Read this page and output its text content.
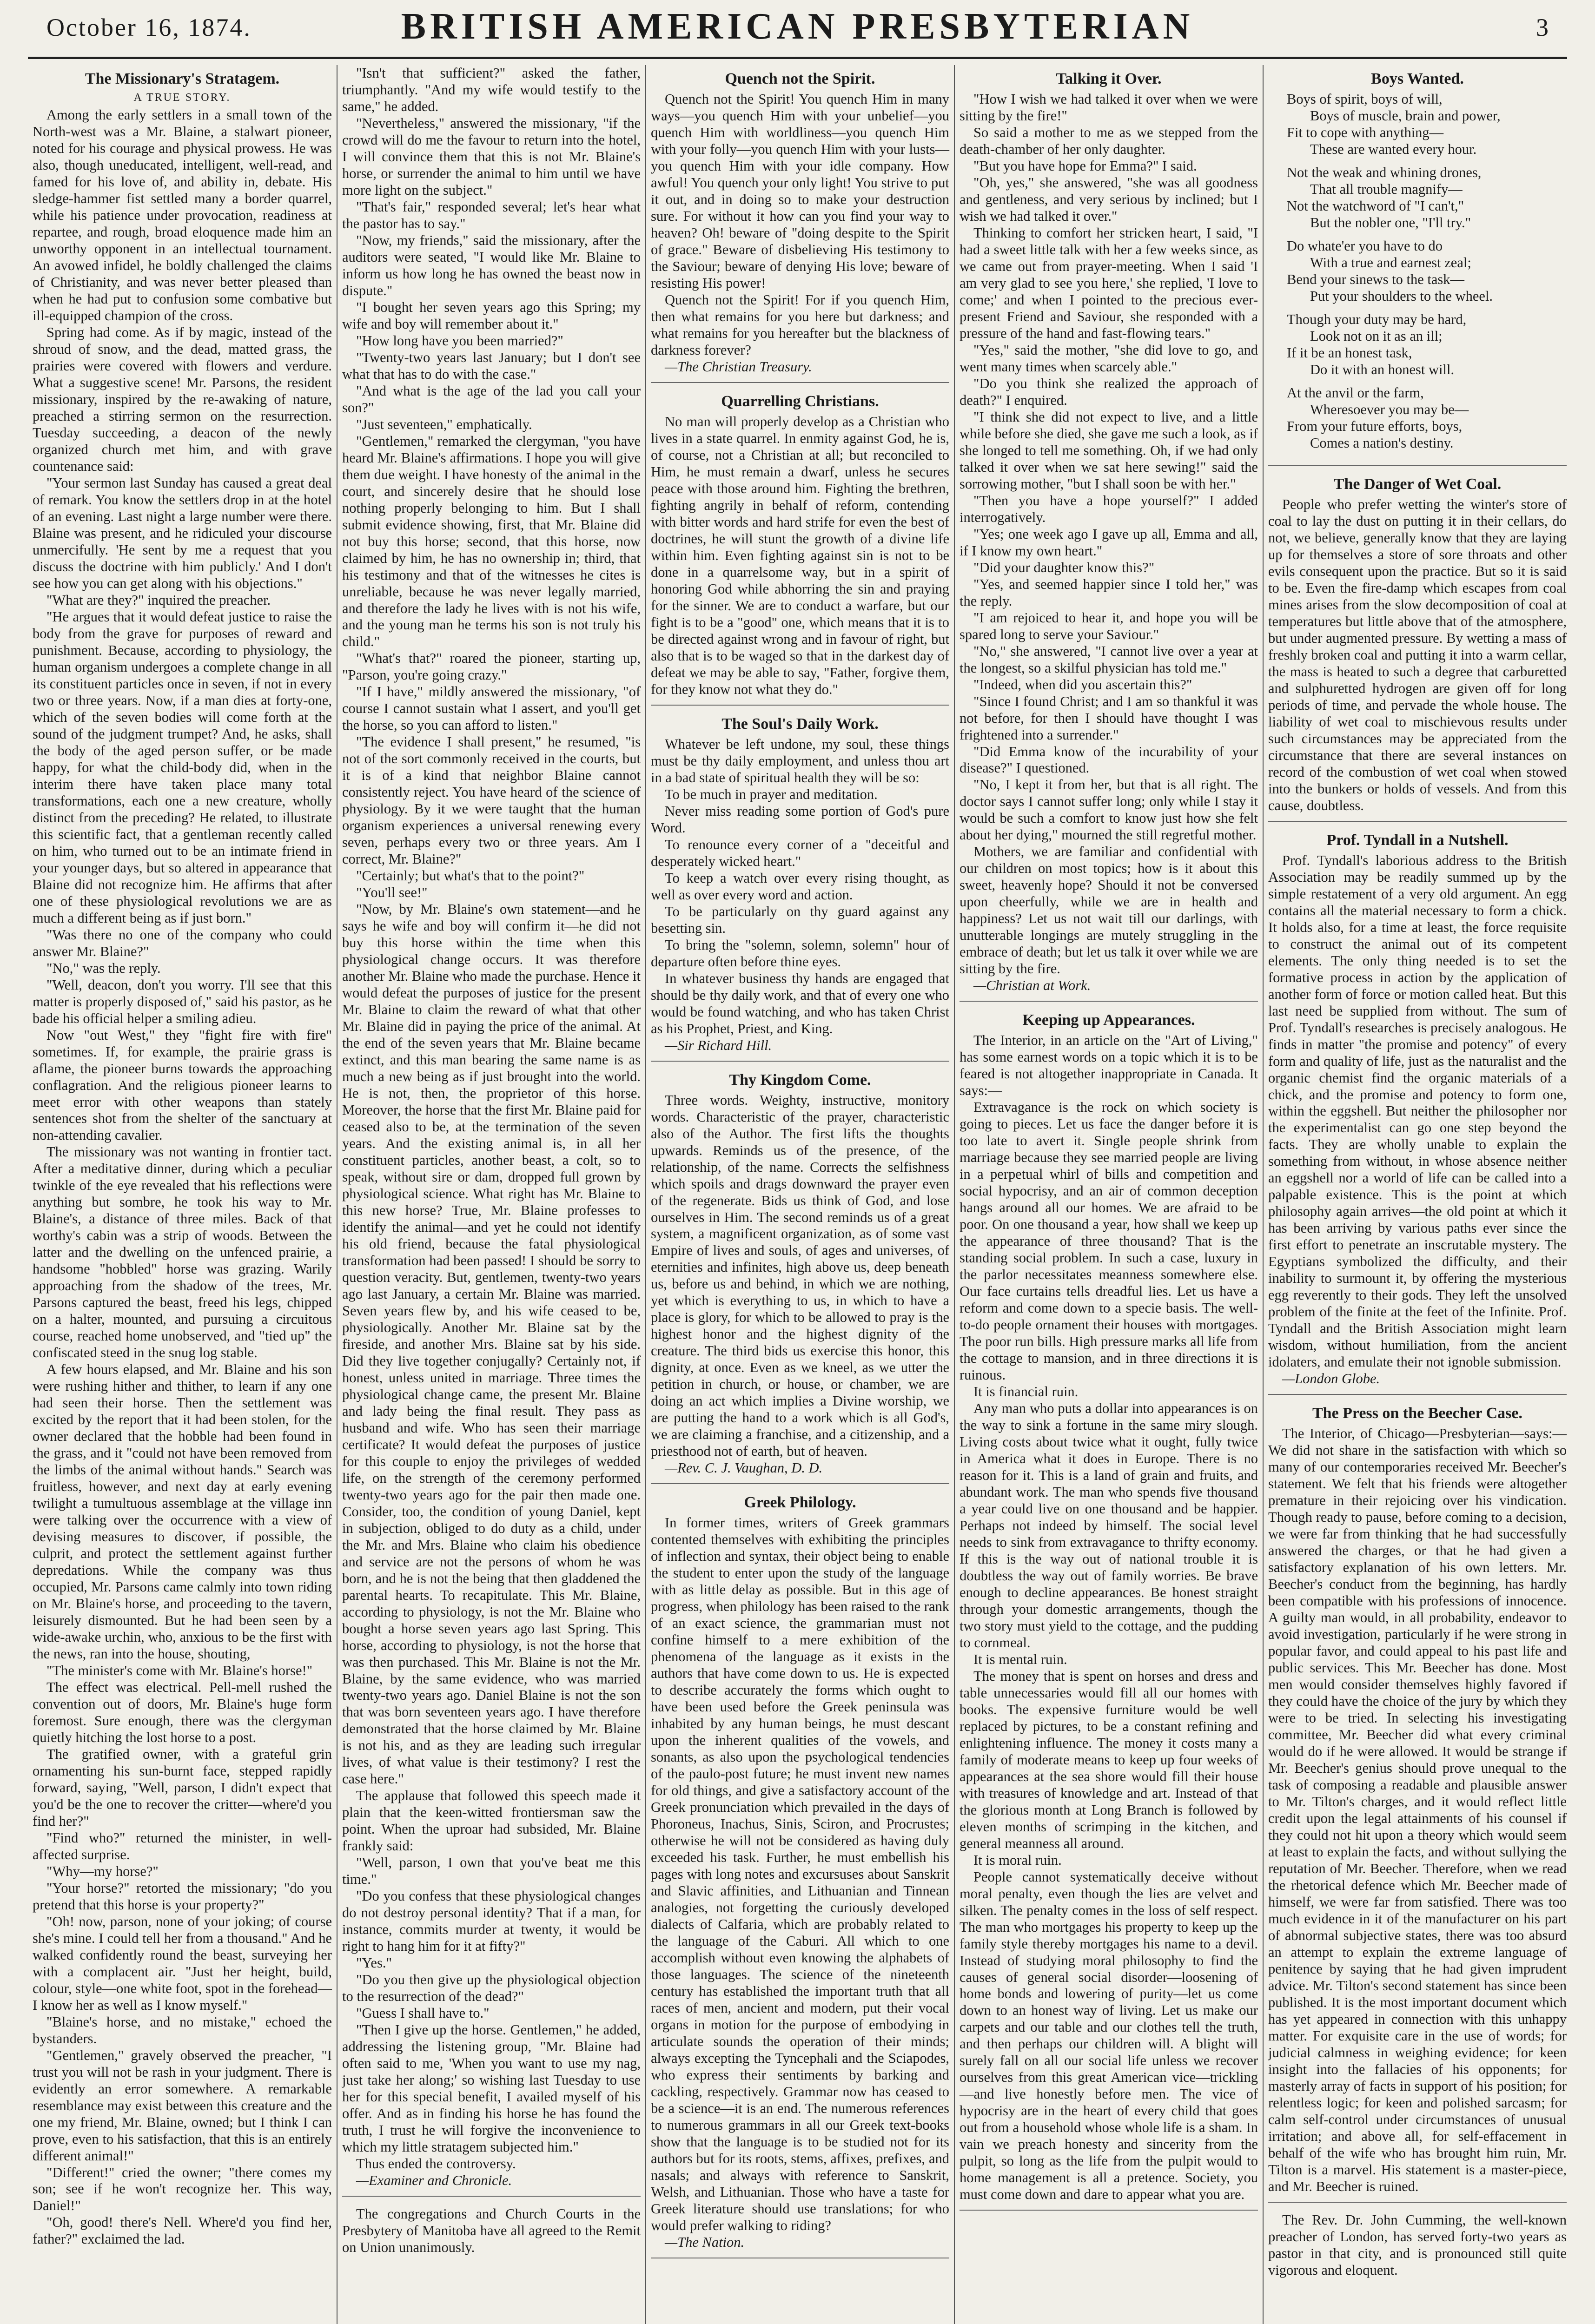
October 16, 1874.	BRITISH AMERICAN PRESBYTERIAN	3
The Missionary's Stratagem.
A TRUE STORY.

Among the early settlers in a small town of the North-west was a Mr. Blaine, a stalwart pioneer, noted for his courage and physical prowess. He was also, though uneducated, intelligent, well-read, and famed for his love of, and ability in, debate. His sledge-hammer fist settled many a border quarrel, while his patience under provocation, readiness at repartee, and rough, broad eloquence made him an unworthy opponent in an intellectual tournament. An avowed infidel, he boldly challenged the claims of Christianity, and was never better pleased than when he had put to confusion some combative but ill-equipped champion of the cross.

Spring had come. As if by magic, instead of the shroud of snow, and the dead, matted grass, the prairies were covered with flowers and verdure. What a suggestive scene! Mr. Parsons, the resident missionary, inspired by the re-awaking of nature, preached a stirring sermon on the resurrection. Tuesday succeeding, a deacon of the newly organized church met him, and with grave countenance said:

"Your sermon last Sunday has caused a great deal of remark. You know the settlers drop in at the hotel of an evening. Last night a large number were there. Blaine was present, and he ridiculed your discourse unmercifully. 'He sent by me a request that you discuss the doctrine with him publicly.' And I don't see how you can get along with his objections."

"What are they?" inquired the preacher.

"He argues that it would defeat justice to raise the body from the grave for purposes of reward and punishment. Because, according to physiology, the human organism undergoes a complete change in all its constituent particles once in seven, if not in every two or three years. Now, if a man dies at forty-one, which of the seven bodies will come forth at the sound of the judgment trumpet? And, he asks, shall the body of the aged person suffer, or be made happy, for what the child-body did, when in the interim there have taken place many total transformations, each one a new creature, wholly distinct from the preceding? He related, to illustrate this scientific fact, that a gentleman recently called on him, who turned out to be an intimate friend in your younger days, but so altered in appearance that Blaine did not recognize him. He affirms that after one of these physiological revolutions we are as much a different being as if just born."

"Was there no one of the company who could answer Mr. Blaine?"

"No," was the reply.

"Well, deacon, don't you worry. I'll see that this matter is properly disposed of," said his pastor, as he bade his official helper a smiling adieu.

Now "out West," they "fight fire with fire" sometimes. If, for example, the prairie grass is aflame, the pioneer burns towards the approaching conflagration. And the religious pioneer learns to meet error with other weapons than stately sentences shot from the shelter of the sanctuary at non-attending cavalier.

The missionary was not wanting in frontier tact. After a meditative dinner, during which a peculiar twinkle of the eye revealed that his reflections were anything but sombre, he took his way to Mr. Blaine's, a distance of three miles. Back of that worthy's cabin was a strip of woods. Between the latter and the dwelling on the unfenced prairie, a handsome "hobbled" horse was grazing. Warily approaching from the shadow of the trees, Mr. Parsons captured the beast, freed his legs, chipped on a halter, mounted, and pursuing a circuitous course, reached home unobserved, and "tied up" the confiscated steed in the snug log stable.

A few hours elapsed, and Mr. Blaine and his son were rushing hither and thither, to learn if any one had seen their horse. Then the settlement was excited by the report that it had been stolen, for the owner declared that the hobble had been found in the grass, and it "could not have been removed from the limbs of the animal without hands." Search was fruitless, however, and next day at early evening twilight a tumultuous assemblage at the village inn were talking over the occurrence with a view of devising measures to discover, if possible, the culprit, and protect the settlement against further depredations. While the company was thus occupied, Mr. Parsons came calmly into town riding on Mr. Blaine's horse, and proceeding to the tavern, leisurely dismounted. But he had been seen by a wide-awake urchin, who, anxious to be the first with the news, ran into the house, shouting,

"The minister's come with Mr. Blaine's horse!"

The effect was electrical. Pell-mell rushed the convention out of doors, Mr. Blaine's huge form foremost. Sure enough, there was the clergyman quietly hitching the lost horse to a post.

The gratified owner, with a grateful grin ornamenting his sun-burnt face, stepped rapidly forward, saying, "Well, parson, I didn't expect that you'd be the one to recover the critter—where'd you find her?"

"Find who?" returned the minister, in well-affected surprise.

"Why—my horse?"

"Your horse?" retorted the missionary; "do you pretend that this horse is your property?"

"Oh! now, parson, none of your joking; of course she's mine. I could tell her from a thousand." And he walked confidently round the beast, surveying her with a complacent air. "Just her height, build, colour, style—one white foot, spot in the forehead—I know her as well as I know myself."

"Blaine's horse, and no mistake," echoed the bystanders.

"Gentlemen," gravely observed the preacher, "I trust you will not be rash in your judgment. There is evidently an error somewhere. A remarkable resemblance may exist between this creature and the one my friend, Mr. Blaine, owned; but I think I can prove, even to his satisfaction, that this is an entirely different animal!"

"Different!" cried the owner; "there comes my son; see if he won't recognize her. This way, Daniel!"

"Oh, good! there's Nell. Where'd you find her, father?" exclaimed the lad.

"Isn't that sufficient?" asked the father, triumphantly. "And my wife would testify to the same," he added.

"Nevertheless," answered the missionary, "if the crowd will do me the favour to return into the hotel, I will convince them that this is not Mr. Blaine's horse, or surrender the animal to him until we have more light on the subject."

"That's fair," responded several; let's hear what the pastor has to say."

"Now, my friends," said the missionary, after the auditors were seated, "I would like Mr. Blaine to inform us how long he has owned the beast now in dispute."

"I bought her seven years ago this Spring; my wife and boy will remember about it."

"How long have you been married?"

"Twenty-two years last January; but I don't see what that has to do with the case."

"And what is the age of the lad you call your son?"

"Just seventeen," emphatically.

"Gentlemen," remarked the clergyman, "you have heard Mr. Blaine's affirmations. I hope you will give them due weight. I have honesty of the animal in the court, and sincerely desire that he should lose nothing properly belonging to him. But I shall submit evidence showing, first, that Mr. Blaine did not buy this horse; second, that this horse, now claimed by him, he has no ownership in; third, that his testimony and that of the witnesses he cites is unreliable, because he was never legally married, and therefore the lady he lives with is not his wife, and the young man he terms his son is not truly his child."

"What's that?" roared the pioneer, starting up, "Parson, you're going crazy."

"If I have," mildly answered the missionary, "of course I cannot sustain what I assert, and you'll get the horse, so you can afford to listen."

"The evidence I shall present," he resumed, "is not of the sort commonly received in the courts, but it is of a kind that neighbor Blaine cannot consistently reject. You have heard of the science of physiology. By it we were taught that the human organism experiences a universal renewing every seven, perhaps every two or three years. Am I correct, Mr. Blaine?"

"Certainly; but what's that to the point?"

"You'll see!"

"Now, by Mr. Blaine's own statement—and he says he wife and boy will confirm it—he did not buy this horse within the time when this physiological change occurs. It was therefore another Mr. Blaine who made the purchase. Hence it would defeat the purposes of justice for the present Mr. Blaine to claim the reward of what that other Mr. Blaine did in paying the price of the animal. At the end of the seven years that Mr. Blaine became extinct, and this man bearing the same name is as much a new being as if just brought into the world. He is not, then, the proprietor of this horse. Moreover, the horse that the first Mr. Blaine paid for ceased also to be, at the termination of the seven years. And the existing animal is, in all her constituent particles, another beast, a colt, so to speak, without sire or dam, dropped full grown by physiological science. What right has Mr. Blaine to this new horse? True, Mr. Blaine professes to identify the animal—and yet he could not identify his old friend, because the fatal physiological transformation had been passed! I should be sorry to question veracity. But, gentlemen, twenty-two years ago last January, a certain Mr. Blaine was married. Seven years flew by, and his wife ceased to be, physiologically. Another Mr. Blaine sat by the fireside, and another Mrs. Blaine sat by his side. Did they live together conjugally? Certainly not, if honest, unless united in marriage. Three times the physiological change came, the present Mr. Blaine and lady being the final result. They pass as husband and wife. Who has seen their marriage certificate? It would defeat the purposes of justice for this couple to enjoy the privileges of wedded life, on the strength of the ceremony performed twenty-two years ago for the pair then made one. Consider, too, the condition of young Daniel, kept in subjection, obliged to do duty as a child, under the Mr. and Mrs. Blaine who claim his obedience and service are not the persons of whom he was born, and he is not the being that then gladdened the parental hearts. To recapitulate. This Mr. Blaine, according to physiology, is not the Mr. Blaine who bought a horse seven years ago last Spring. This horse, according to physiology, is not the horse that was then purchased. This Mr. Blaine is not the Mr. Blaine, by the same evidence, who was married twenty-two years ago. Daniel Blaine is not the son that was born seventeen years ago. I have therefore demonstrated that the horse claimed by Mr. Blaine is not his, and as they are leading such irregular lives, of what value is their testimony? I rest the case here."

The applause that followed this speech made it plain that the keen-witted frontiersman saw the point. When the uproar had subsided, Mr. Blaine frankly said:

"Well, parson, I own that you've beat me this time."

"Do you confess that these physiological changes do not destroy personal identity? That if a man, for instance, commits murder at twenty, it would be right to hang him for it at fifty?"

"Yes."

"Do you then give up the physiological objection to the resurrection of the dead?"

"Guess I shall have to."

"Then I give up the horse. Gentlemen," he added, addressing the listening group, "Mr. Blaine had often said to me, 'When you want to use my nag, just take her along;' so wishing last Tuesday to use her for this special benefit, I availed myself of his offer. And as in finding his horse he has found the truth, I trust he will forgive the inconvenience to which my little stratagem subjected him."

Thus ended the controversy.

—Examiner and Chronicle.

The congregations and Church Courts in the Presbytery of Manitoba have all agreed to the Remit on Union unanimously.

Quench not the Spirit.

Quench not the Spirit! You quench Him in many ways—you quench Him with your unbelief—you quench Him with worldliness—you quench Him with your folly—you quench Him with your lusts—you quench Him with your idle company. How awful! You quench your only light! You strive to put it out, and in doing so to make your destruction sure. For without it how can you find your way to heaven? Oh! beware of "doing despite to the Spirit of grace." Beware of disbelieving His testimony to the Saviour; beware of denying His love; beware of resisting His power!

Quench not the Spirit! For if you quench Him, then what remains for you here but darkness; and what remains for you hereafter but the blackness of darkness forever?

—The Christian Treasury.

Quarrelling Christians.

No man will properly develop as a Christian who lives in a state quarrel. In enmity against God, he is, of course, not a Christian at all; but reconciled to Him, he must remain a dwarf, unless he secures peace with those around him. Fighting the brethren, fighting angrily in behalf of reform, contending with bitter words and hard strife for even the best of doctrines, he will stunt the growth of a divine life within him. Even fighting against sin is not to be done in a quarrelsome way, but in a spirit of honoring God while abhorring the sin and praying for the sinner. We are to conduct a warfare, but our fight is to be a "good" one, which means that it is to be directed against wrong and in favour of right, but also that is to be waged so that in the darkest day of defeat we may be able to say, "Father, forgive them, for they know not what they do."

The Soul's Daily Work.

Whatever be left undone, my soul, these things must be thy daily employment, and unless thou art in a bad state of spiritual health they will be so:

To be much in prayer and meditation.

Never miss reading some portion of God's pure Word.

To renounce every corner of a "deceitful and desperately wicked heart."

To keep a watch over every rising thought, as well as over every word and action.

To be particularly on thy guard against any besetting sin.

To bring the "solemn, solemn, solemn" hour of departure often before thine eyes.

In whatever business thy hands are engaged that should be thy daily work, and that of every one who would be found watching, and who has taken Christ as his Prophet, Priest, and King.

—Sir Richard Hill.

Thy Kingdom Come.

Three words. Weighty, instructive, monitory words. Characteristic of the prayer, characteristic also of the Author. The first lifts the thoughts upwards. Reminds us of the presence, of the relationship, of the name. Corrects the selfishness which spoils and drags downward the prayer even of the regenerate. Bids us think of God, and lose ourselves in Him. The second reminds us of a great system, a magnificent organization, as of some vast Empire of lives and souls, of ages and universes, of eternities and infinites, high above us, deep beneath us, before us and behind, in which we are nothing, yet which is everything to us, in which to have a place is glory, for which to be allowed to pray is the highest honor and the highest dignity of the creature. The third bids us exercise this honor, this dignity, at once. Even as we kneel, as we utter the petition in church, or house, or chamber, we are doing an act which implies a Divine worship, we are putting the hand to a work which is all God's, we are claiming a franchise, and a citizenship, and a priesthood not of earth, but of heaven.

—Rev. C. J. Vaughan, D. D.

Greek Philology.

In former times, writers of Greek grammars contented themselves with exhibiting the principles of inflection and syntax, their object being to enable the student to enter upon the study of the language with as little delay as possible. But in this age of progress, when philology has been raised to the rank of an exact science, the grammarian must not confine himself to a mere exhibition of the phenomena of the language as it exists in the authors that have come down to us. He is expected to describe accurately the forms which ought to have been used before the Greek peninsula was inhabited by any human beings, he must descant upon the inherent qualities of the vowels, and sonants, as also upon the psychological tendencies of the paulo-post future; he must invent new names for old things, and give a satisfactory account of the Greek pronunciation which prevailed in the days of Phoroneus, Inachus, Sinis, Sciron, and Procrustes; otherwise he will not be considered as having duly exceeded his task. Further, he must embellish his pages with long notes and excursuses about Sanskrit and Slavic affinities, and Lithuanian and Tinnean analogies, not forgetting the curiously developed dialects of Calfaria, which are probably related to the language of the Caburi. All which to one accomplish without even knowing the alphabets of those languages. The science of the nineteenth century has established the important truth that all races of men, ancient and modern, put their vocal organs in motion for the purpose of embodying in articulate sounds the operation of their minds; always excepting the Tyncephali and the Sciapodes, who express their sentiments by barking and cackling, respectively. Grammar now has ceased to be a science—it is an end. The numerous references to numerous grammars in all our Greek text-books show that the language is to be studied not for its authors but for its roots, stems, affixes, prefixes, and nasals; and always with reference to Sanskrit, Welsh, and Lithuanian. Those who have a taste for Greek literature should use translations; for who would prefer walking to riding?

—The Nation.

Talking it Over.

"How I wish we had talked it over when we were sitting by the fire!"

So said a mother to me as we stepped from the death-chamber of her only daughter.

"But you have hope for Emma?" I said.

"Oh, yes," she answered, "she was all goodness and gentleness, and very serious by inclined; but I wish we had talked it over."

Thinking to comfort her stricken heart, I said, "I had a sweet little talk with her a few weeks since, as we came out from prayer-meeting. When I said 'I am very glad to see you here,' she replied, 'I love to come;' and when I pointed to the precious ever-present Friend and Saviour, she responded with a pressure of the hand and fast-flowing tears."

"Yes," said the mother, "she did love to go, and went many times when scarcely able."

"Do you think she realized the approach of death?" I enquired.

"I think she did not expect to live, and a little while before she died, she gave me such a look, as if she longed to tell me something. Oh, if we had only talked it over when we sat here sewing!" said the sorrowing mother, "but I shall soon be with her."

"Then you have a hope yourself?" I added interrogatively.

"Yes; one week ago I gave up all, Emma and all, if I know my own heart."

"Did your daughter know this?"

"Yes, and seemed happier since I told her," was the reply.

"I am rejoiced to hear it, and hope you will be spared long to serve your Saviour."

"No," she answered, "I cannot live over a year at the longest, so a skilful physician has told me."

"Indeed, when did you ascertain this?"

"Since I found Christ; and I am so thankful it was not before, for then I should have thought I was frightened into a surrender."

"Did Emma know of the incurability of your disease?" I questioned.

"No, I kept it from her, but that is all right. The doctor says I cannot suffer long; only while I stay it would be such a comfort to know just how she felt about her dying," mourned the still regretful mother.

Mothers, we are familiar and confidential with our children on most topics; how is it about this sweet, heavenly hope? Should it not be conversed upon cheerfully, while we are in health and happiness? Let us not wait till our darlings, with unutterable longings are mutely struggling in the embrace of death; but let us talk it over while we are sitting by the fire.

—Christian at Work.

Keeping up Appearances.

The Interior, in an article on the "Art of Living," has some earnest words on a topic which it is to be feared is not altogether inappropriate in Canada. It says:—

Extravagance is the rock on which society is going to pieces. Let us face the danger before it is too late to avert it. Single people shrink from marriage because they see married people are living in a perpetual whirl of bills and competition and social hypocrisy, and an air of common deception hangs around all our homes. We are afraid to be poor. On one thousand a year, how shall we keep up the appearance of three thousand? That is the standing social problem. In such a case, luxury in the parlor necessitates meanness somewhere else. Our face curtains tells dreadful lies. Let us have a reform and come down to a specie basis. The well-to-do people ornament their houses with mortgages. The poor run bills. High pressure marks all life from the cottage to mansion, and in three directions it is ruinous.

It is financial ruin.

Any man who puts a dollar into appearances is on the way to sink a fortune in the same miry slough. Living costs about twice what it ought, fully twice in America what it does in Europe. There is no reason for it. This is a land of grain and fruits, and abundant work. The man who spends five thousand a year could live on one thousand and be happier. Perhaps not indeed by himself. The social level needs to sink from extravagance to thrifty economy. If this is the way out of national trouble it is doubtless the way out of family worries. Be brave enough to decline appearances. Be honest straight through your domestic arrangements, though the two story must yield to the cottage, and the pudding to cornmeal.

It is mental ruin.

The money that is spent on horses and dress and table unnecessaries would fill all our homes with books. The expensive furniture would be well replaced by pictures, to be a constant refining and enlightening influence. The money it costs many a family of moderate means to keep up four weeks of appearances at the sea shore would fill their house with treasures of knowledge and art. Instead of that the glorious month at Long Branch is followed by eleven months of scrimping in the kitchen, and general meanness all around.

It is moral ruin.

People cannot systematically deceive without moral penalty, even though the lies are velvet and silken. The penalty comes in the loss of self respect. The man who mortgages his property to keep up the family style thereby mortgages his name to a devil. Instead of studying moral philosophy to find the causes of general social disorder—loosening of home bonds and lowering of purity—let us come down to an honest way of living. Let us make our carpets and our table and our clothes tell the truth, and then perhaps our children will. A blight will surely fall on all our social life unless we recover ourselves from this great American vice—trickling—and live honestly before men. The vice of hypocrisy are in the heart of every child that goes out from a household whose whole life is a sham. In vain we preach honesty and sincerity from the pulpit, so long as the life from the pulpit would to home management is all a pretence. Society, you must come down and dare to appear what you are.

Boys Wanted.

Boys of spirit, boys of will,

Boys of muscle, brain and power,

Fit to cope with anything—

These are wanted every hour.

Not the weak and whining drones,

That all trouble magnify—

Not the watchword of "I can't,"

But the nobler one, "I'll try."

Do whate'er you have to do

With a true and earnest zeal;

Bend your sinews to the task—

Put your shoulders to the wheel.

Though your duty may be hard,

Look not on it as an ill;

If it be an honest task,

Do it with an honest will.

At the anvil or the farm,

Wheresoever you may be—

From your future efforts, boys,

Comes a nation's destiny.

The Danger of Wet Coal.

People who prefer wetting the winter's store of coal to lay the dust on putting it in their cellars, do not, we believe, generally know that they are laying up for themselves a store of sore throats and other evils consequent upon the practice. But so it is said to be. Even the fire-damp which escapes from coal mines arises from the slow decomposition of coal at temperatures but little above that of the atmosphere, but under augmented pressure. By wetting a mass of freshly broken coal and putting it into a warm cellar, the mass is heated to such a degree that carburetted and sulphuretted hydrogen are given off for long periods of time, and pervade the whole house. The liability of wet coal to mischievous results under such circumstances may be appreciated from the circumstance that there are several instances on record of the combustion of wet coal when stowed into the bunkers or holds of vessels. And from this cause, doubtless.

Prof. Tyndall in a Nutshell.

Prof. Tyndall's laborious address to the British Association may be readily summed up by the simple restatement of a very old argument. An egg contains all the material necessary to form a chick. It holds also, for a time at least, the force requisite to construct the animal out of its competent elements. The only thing needed is to set the formative process in action by the application of another form of force or motion called heat. But this last need be supplied from without. The sum of Prof. Tyndall's researches is precisely analogous. He finds in matter "the promise and potency" of every form and quality of life, just as the naturalist and the organic chemist find the organic materials of a chick, and the promise and potency to form one, within the eggshell. But neither the philosopher nor the experimentalist can go one step beyond the facts. They are wholly unable to explain the something from without, in whose absence neither an eggshell nor a world of life can be called into a palpable existence. This is the point at which philosophy again arrives—the old point at which it has been arriving by various paths ever since the first effort to penetrate an inscrutable mystery. The Egyptians symbolized the difficulty, and their inability to surmount it, by offering the mysterious egg reverently to their gods. They left the unsolved problem of the finite at the feet of the Infinite. Prof. Tyndall and the British Association might learn wisdom, without humiliation, from the ancient idolaters, and emulate their not ignoble submission.

—London Globe.

The Press on the Beecher Case.

The Interior, of Chicago—Presbyterian—says:—We did not share in the satisfaction with which so many of our contemporaries received Mr. Beecher's statement. We felt that his friends were altogether premature in their rejoicing over his vindication. Though ready to pause, before coming to a decision, we were far from thinking that he had successfully answered the charges, or that he had given a satisfactory explanation of his own letters. Mr. Beecher's conduct from the beginning, has hardly been compatible with his professions of innocence. A guilty man would, in all probability, endeavor to avoid investigation, particularly if he were strong in popular favor, and could appeal to his past life and public services. This Mr. Beecher has done. Most men would consider themselves highly favored if they could have the choice of the jury by which they were to be tried. In selecting his investigating committee, Mr. Beecher did what every criminal would do if he were allowed. It would be strange if Mr. Beecher's genius should prove unequal to the task of composing a readable and plausible answer to Mr. Tilton's charges, and it would reflect little credit upon the legal attainments of his counsel if they could not hit upon a theory which would seem at least to explain the facts, and without sullying the reputation of Mr. Beecher. Therefore, when we read the rhetorical defence which Mr. Beecher made of himself, we were far from satisfied. There was too much evidence in it of the manufacturer on his part of abnormal subjective states, there was too absurd an attempt to explain the extreme language of penitence by saying that he had given imprudent advice. Mr. Tilton's second statement has since been published. It is the most important document which has yet appeared in connection with this unhappy matter. For exquisite care in the use of words; for judicial calmness in weighing evidence; for keen insight into the fallacies of his opponents; for masterly array of facts in support of his position; for relentless logic; for keen and polished sarcasm; for calm self-control under circumstances of unusual irritation; and above all, for self-effacement in behalf of the wife who has brought him ruin, Mr. Tilton is a marvel. His statement is a master-piece, and Mr. Beecher is ruined.

The Rev. Dr. John Cumming, the well-known preacher of London, has served forty-two years as pastor in that city, and is pronounced still quite vigorous and eloquent.
